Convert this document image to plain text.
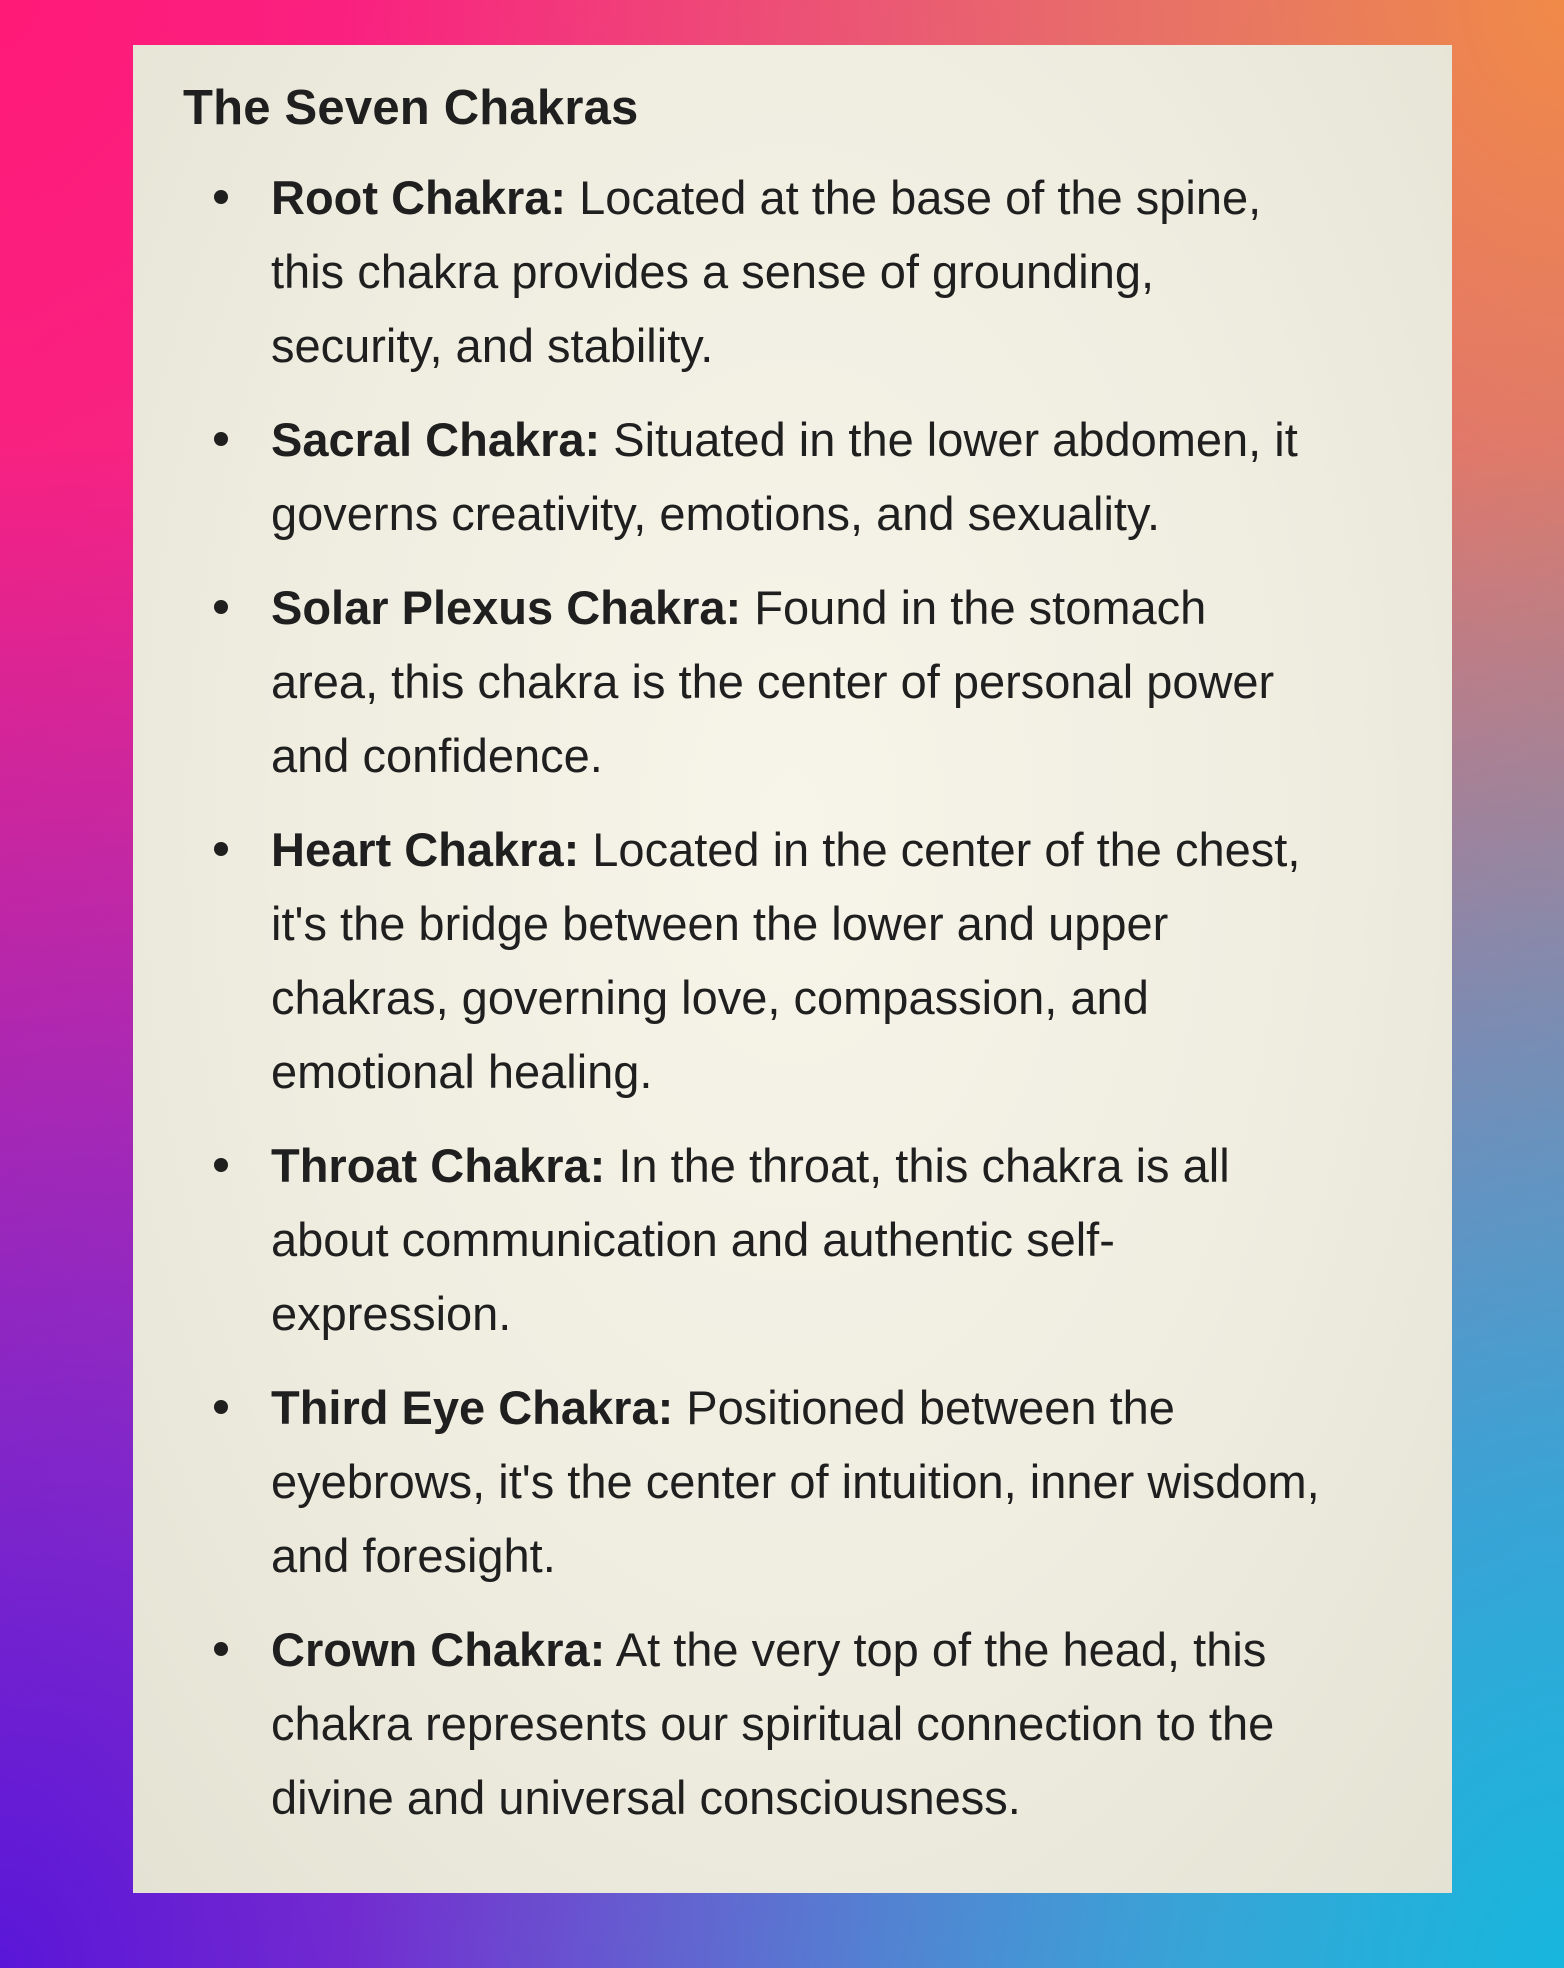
The Seven Chakras
Root Chakra: Located at the base of the spine, this chakra provides a sense of grounding, security, and stability.
Sacral Chakra: Situated in the lower abdomen, it governs creativity, emotions, and sexuality.
Solar Plexus Chakra: Found in the stomach area, this chakra is the center of personal power and confidence.
Heart Chakra: Located in the center of the chest, it's the bridge between the lower and upper chakras, governing love, compassion, and emotional healing.
Throat Chakra: In the throat, this chakra is all about communication and authentic self-expression.
Third Eye Chakra: Positioned between the eyebrows, it's the center of intuition, inner wisdom, and foresight.
Crown Chakra: At the very top of the head, this chakra represents our spiritual connection to the divine and universal consciousness.
